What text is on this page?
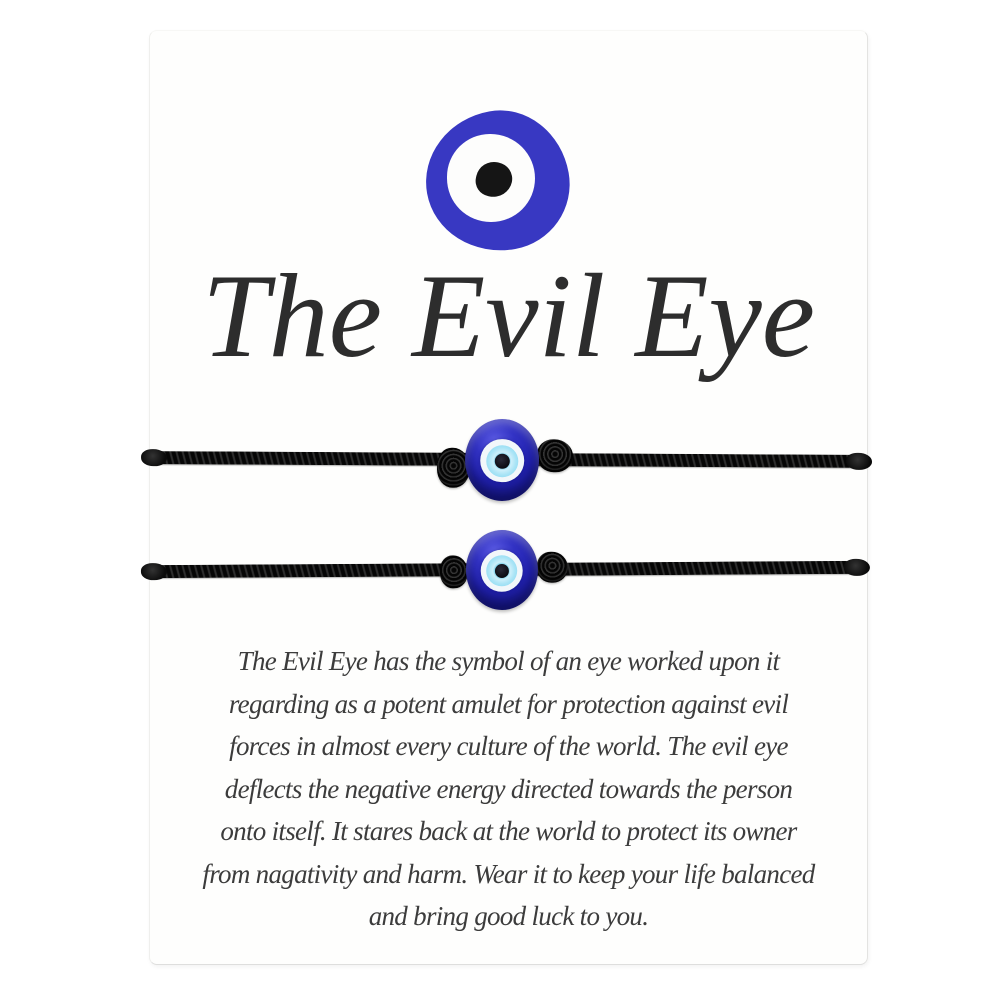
The Evil Eye
The Evil Eye has the symbol of an eye worked upon it
regarding as a potent amulet for protection against evil
forces in almost every culture of the world. The evil eye
deflects the negative energy directed towards the person
onto itself. It stares back at the world to protect its owner
from nagativity and harm. Wear it to keep your life balanced
and bring good luck to you.
